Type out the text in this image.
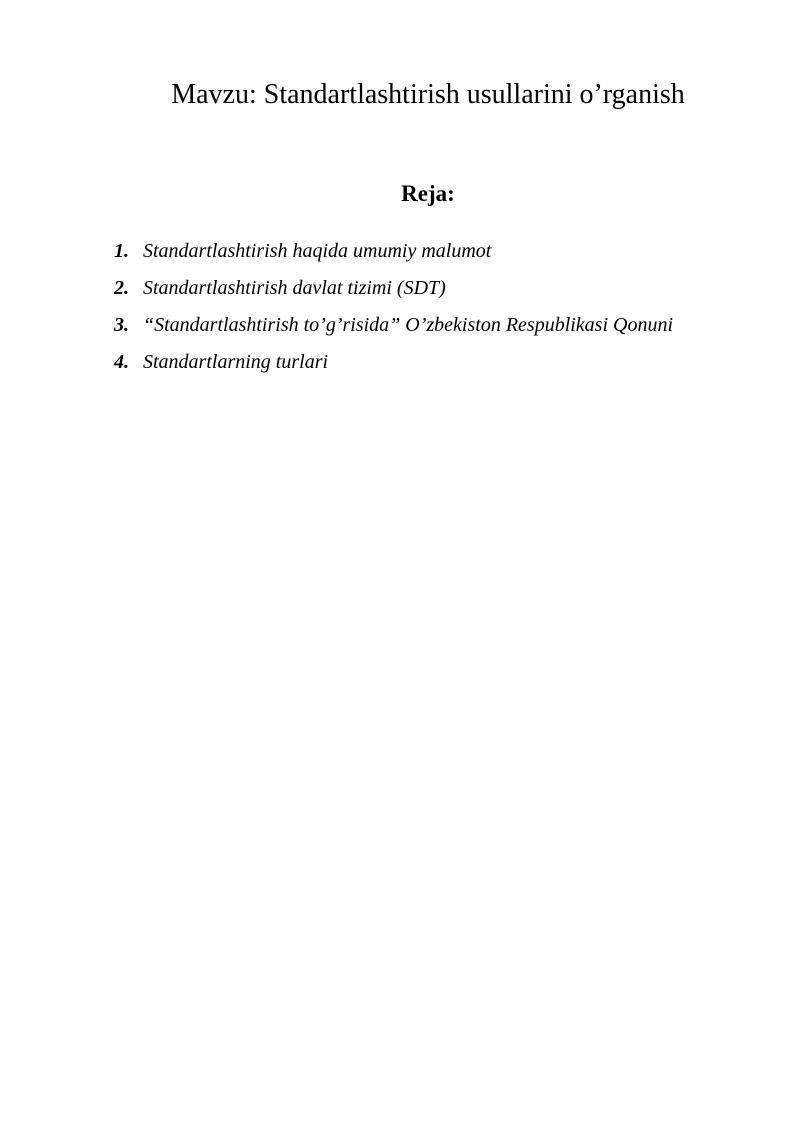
Mavzu: Standartlashtirish usullarini o’rganish
Reja:
1. Standartlashtirish haqida umumiy malumot
2. Standartlashtirish davlat tizimi (SDT)
3. “Standartlashtirish to’g’risida” O’zbekiston Respublikasi Qonuni
4. Standartlarning turlari
